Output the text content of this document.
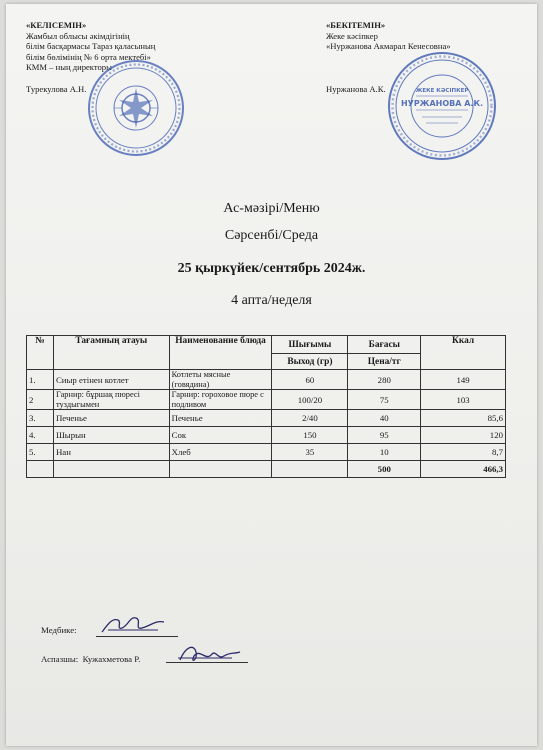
«КЕЛІСЕМІН»
Жамбыл облысы әкімдігінің
білім басқармасы Тараз қаласының
білім бөлімінің № 6 орта мектебі»
КММ – ның директоры
Турекулова А.Н.
«БЕКІТЕМІН»
Жеке кәсіпкер
«Нуржанова Акмарал Кенесовна»
Нуржанова А.К.	ЖЕКЕ КӘСІПКЕР
НУРЖАНОВА А.К.
Ас-мәзірі/Меню
Сәрсенбі/Среда
25 қыркүйек/сентябрь 2024ж.
4 апта/неделя
№	Тағамның атауы	Наименование блюда	Шығымы	Бағасы	Ккал
			Выход (гр)	Цена/тг	
1.	Сиыр етінен котлет	Котлеты мясные (говядина)	60	280	149
2	Гарнир: бұршақ пюресі туздыгымен	Гарнир: гороховое пюре с подливом	100/20	75	103
3.	Печенье	Печенье	2/40	40	85,6
4.	Шырын	Сок	150	95	120
5.	Нан	Хлеб	35	10	8,7
				500	466,3
Медбике:
Аспазшы: Кужахметова Р.
